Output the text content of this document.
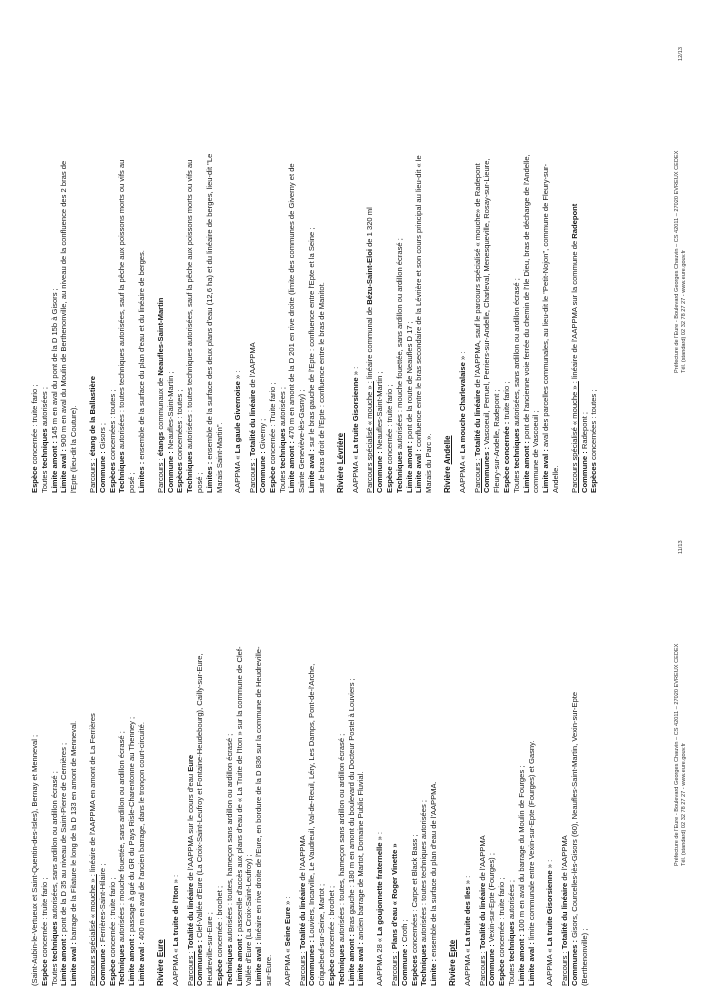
(Saint-Aubin-le-Vertueux et Saint-Quentin-des-Isles), Bernay et Menneval ; Espèce concernée : truite fario ;

Toutes techniques autorisées, sans ardillon ou ardillon écrasé ;

Limite amont : pont de la D 35 au niveau de Saint-Pierre de Cernières ;

Limite aval : barrage de la Filature le long de la D 133 en amont de Menneval. Parcours spécialisé « mouche » : linéaire de l'AAPPMA en amont de La Ferrières

Commune : Ferrières-Saint-Hilaire ;

Espèce concernée : truite fario ;

Techniques autorisées : mouche fouettée, sans ardillon ou ardillon écrasé ;

Limite amont : passage à gué du GR du Pays Risle-Charentonne au Thenney ;

Limite aval : 400 m en aval de l'ancien barrage, dans le tronçon court-circuité.

Rivière Eure AAPPMA « La truite de l'Iton » :

Parcours : Totalité du linéaire de l'AAPPMA sur le cours d'eau Eure

Communes : Clef-Vallée d'Eure (La Croix-Saint-Leufroy et Fontaine-Heudebourg), Cailly-sur-Eure,

Heudreville-sur-Eure ; Espèce concernée : brochet ;

Techniques autorisées : toutes, hameçon sans ardillon ou ardillon écrasé ;

Limite amont : passerelle d'accès aux plans d'eau de « La Truite de l'Iton » sur la commune de Clef- Vallée d'Eure (La Croix-Saint-Leufroy) ; Limite aval : linéaire en rive droite de l'Eure, en bordure de la D 836 sur la commune de Heudreville-

sur-Eure. AAPPMA « Seine Eure » :

Parcours : Totalité du linéaire de l'AAPPMA

Communes : Louviers, Incarville, Le Vaudreuil, Val-de-Reuil, Léry, Les Damps, Pont-de-l'Arche, Criquebeuf-sur-Seine, Martot ; Espèce concernée : brochet ;

Techniques autorisées : toutes, hameçon sans ardillon ou ardillon écrasé ;

Limite amont : Bras gauche : 180 m en amont du boulevard du Docteur Postel à Louviers ;

Limite aval : ancien barrage de Martot, Domaine Public Fluvial.

AAPPMA 28 « La goujonnette fraternelle » :

Parcours : Plans d'eau « Roger Vinette »

Commune : Croth ;

Espèces concernées : Carpe et Black Bass ;

Techniques autorisées : toutes techniques autorisées ;

Limite : ensemble de la surface du plan d'eau de l'AAPPMA.

Rivière Epte AAPPMA « La truite des Iles » :

Parcours : Totalité du linéaire de l'AAPPMA

Commune : Vexin-sur-Epte (Fourges) ;

Espèce concernée : truite fario ;

Toutes techniques autorisées ;

Limite amont : 100 m en aval du barrage du Moulin de Fourges ;

Limite aval : limite communale entre Vexin-sur-Epte (Fourges) et Gasny.

AAPPMA « La truite Gisorsienne » :

Parcours : Totalité du linéaire de l'AAPPMA

Communes : Gisors, Courcelles-lès-Gisors (60), Neaufles-Saint-Martin, Vexin-sur-Epte

(Berthenonville) ;

Préfecture de l'Eure - Boulevard Georges Chauvin – CS 42011 – 27020 EVREUX CEDEX Tél. (standard) 02 32 78 27 27 - www.eure.gouv.fr
11/13

Espèce concernée : truite fario ;

Toutes techniques autorisées ;

Limite amont : 145 m en aval du pont de la D 15b à Gisors ;

Limite aval : 900 m en aval du Moulin de Berthenonville, au niveau de la confluence des 2 bras de

l'Epte (lieu-dit la Couture). Parcours : étang de la Ballastière

Commune : Gisors ;

Espèces concernées : toutes ;

Techniques autorisées : toutes techniques autorisées, sauf la pêche aux poissons morts ou vifs au

posé ; Limites : ensemble de la surface du plan d'eau et du linéaire de berges.

Parcours : étangs communaux de Neaufles-Saint-Martin

Commune : Neaufles-Saint-Martin ;

Espèces concernées : toutes ;

Techniques autorisées : toutes techniques autorisées, sauf la pêche aux poissons morts ou vifs au

posé ; Limites : ensemble de la surface des deux plans d'eau (12,6 ha) et du linéaire de berges, lieu-dit "Le Marais Saint-Martin". AAPPMA « La gaule Givernoise » :

Parcours : Totalité du linéaire de l'AAPPMA

Commune : Giverny ;

Espèce concernée : Truite fario ;

Toutes techniques autorisées ;

Limite amont : 470 m en amont de la D 201 en rive droite (limite des communes de Giverny et de

Sainte Geneviève-lès-Gasny) ; Limite aval : sur le bras gauche de l'Epte : confluence entre l'Epte et la Seine ; sur le bras droit de l'Epte : confluence entre le bras de Manitot. Rivière Lévrière

AAPPMA « La truite Gisorsienne » :

Parcours spécialisé « mouche » : linéaire communal de Bézu-Saint-Eloi de 1 320 ml

Commune : Neaufles-Saint-Martin ;

Espèce concernée : truite fario ;

Techniques autorisées : mouche fouettée, sans ardillon ou ardillon écrasé ;

Limite amont : pont de la route de Neaufles D 17 ;

Limite aval : confluence entre le bras secondaire de la Lévrière et son cours principal au lieu-dit « le

Marais du Parc ». Rivière Andelle

AAPPMA « La mouche Charlevalaise » :

Parcours : Totalité du linéaire de l'AAPPMA, sauf le parcours spécialisé « mouche» de Radepont

Communes : Vascoeuil, Perruel, Perriers-sur-Andelle, Charleval, Menesqueville, Rosay-sur-Lieure, Fleury-sur-Andelle, Radepont ; Espèce concernée : truite fario ;

Toutes techniques autorisées, sans ardillon ou ardillon écrasé ;

Limite amont : pont de l'ancienne voie ferrée du chemin de l'Ile Dieu, bras de décharge de l'Andelle,

commune de Vascoeuil ; Limite aval : aval des parcelles communales, au lieu-dit le "Petit-Nojon", commune de Fleury-sur-

Andelle. Parcours spécialisé « mouche » : linéaire de l'AAPPMA sur la commune de Radepont

Commune : Radepont ;

Espèces concernées : toutes ;

Préfecture de l'Eure - Boulevard Georges Chauvin – CS 42011 – 27020 EVREUX CEDEX Tél. (standard) 02 32 78 27 27 - www.eure.gouv.fr
12/13
